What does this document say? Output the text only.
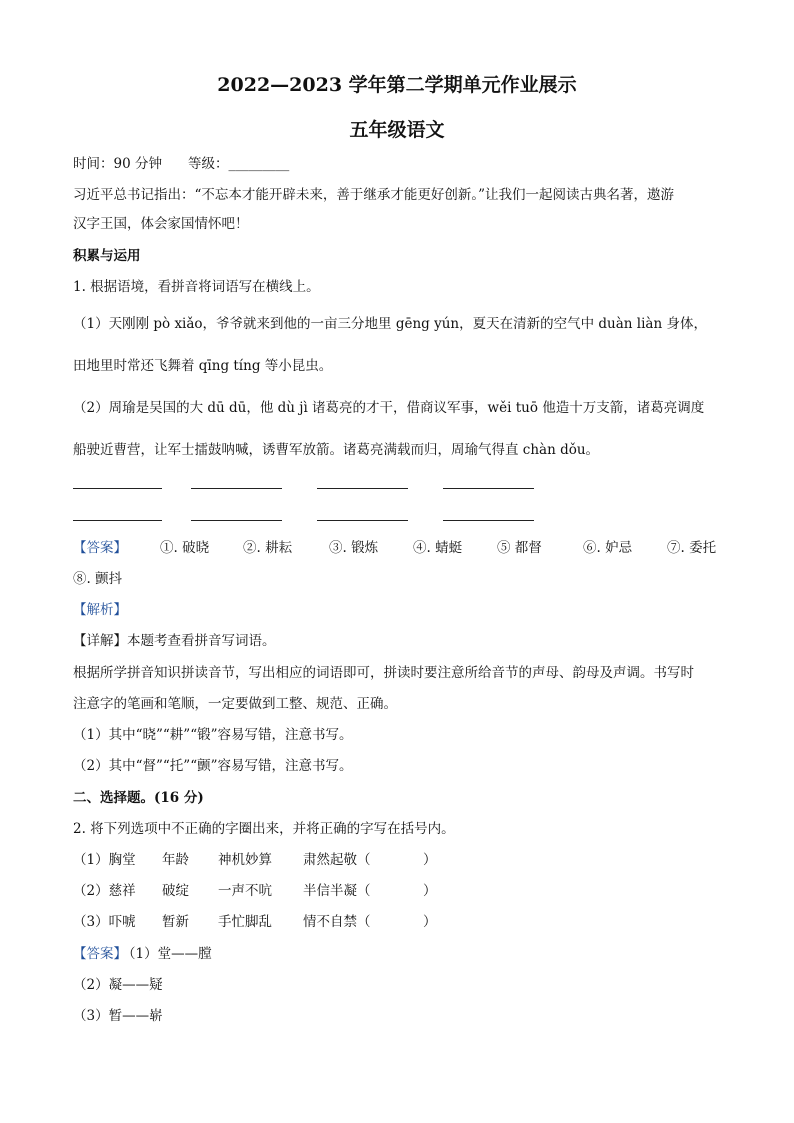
2022—2023 学年第二学期单元作业展示
五年级语文
时间：90 分钟 等级：_________
习近平总书记指出：“不忘本才能开辟未来，善于继承才能更好创新。”让我们一起阅读古典名著，遨游
汉字王国，体会家国情怀吧！
积累与运用
1. 根据语境，看拼音将词语写在横线上。
（1）天刚刚 pò xiǎo，爷爷就来到他的一亩三分地里 gēng yún，夏天在清新的空气中 duàn liàn 身体，
田地里时常还飞舞着 qīng tíng 等小昆虫。
（2）周瑜是吴国的大 dū dū，他 dù jì 诸葛亮的才干，借商议军事，wěi tuō 他造十万支箭，诸葛亮调度
船驶近曹营，让军士擂鼓呐喊，诱曹军放箭。诸葛亮满载而归，周瑜气得直 chàn dǒu。
【答案】 ①. 破晓	②. 耕耘	③. 锻炼	④. 蜻蜓	⑤ 都督	⑥. 妒忌	⑦. 委托
⑧. 颤抖
【解析】
【详解】本题考查看拼音写词语。
根据所学拼音知识拼读音节，写出相应的词语即可，拼读时要注意所给音节的声母、韵母及声调。书写时
注意字的笔画和笔顺，一定要做到工整、规范、正确。
（1）其中“晓”“耕”“锻”容易写错，注意书写。
（2）其中“督”“托”“颤”容易写错，注意书写。
二、选择题。(16 分)
2. 将下列选项中不正确的字圈出来，并将正确的字写在括号内。
（1）胸堂 年龄 神机妙算 肃然起敬（	）
（2）慈祥 破绽 一声不吭 半信半凝（	）
（3）吓唬 暂新 手忙脚乱 情不自禁（	）
【答案】
（1）堂——膛
（2）凝——疑
（3）暂——崭
